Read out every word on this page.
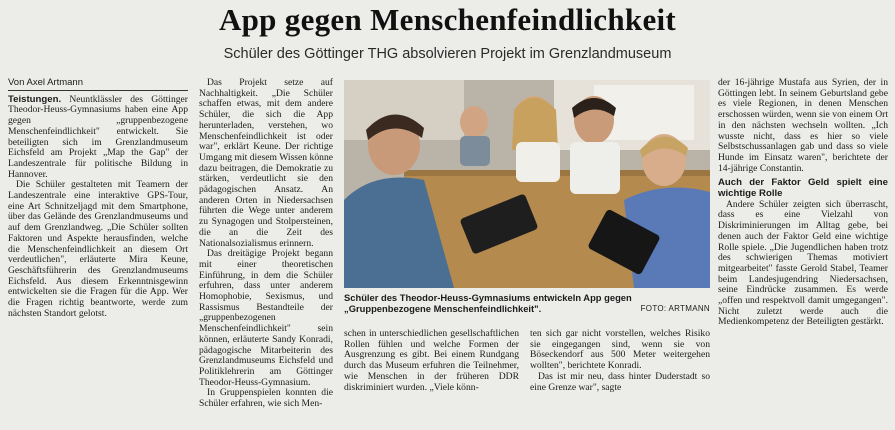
App gegen Menschenfeindlichkeit
Schüler des Göttinger THG absolvieren Projekt im Grenzlandmuseum
Von Axel Artmann

Teistungen. Neuntklässler des Göttinger Theodor-Heuss-Gymnasiums haben eine App gegen „gruppenbezogene Menschenfeindlichkeit" entwickelt. Sie beteiligten sich im Grenzlandmuseum Eichsfeld am Projekt „Map the Gap" der Landeszentrale für politische Bildung in Hannover.

Die Schüler gestalteten mit Teamern der Landeszentrale eine interaktive GPS-Tour, eine Art Schnitzeljagd mit dem Smartphone, über das Gelände des Grenzlandmuseums und auf dem Grenzlandweg. „Die Schüler sollten Faktoren und Aspekte herausfinden, welche die Menschenfeindlichkeit an diesem Ort verdeutlichen", erläuterte Mira Keune, Geschäftsführerin des Grenzlandmuseums Eichsfeld. Aus diesem Erkenntnisgewinn entwickelten sie die Fragen für die App. Wer die Fragen richtig beantworte, werde zum nächsten Standort gelotst.

Das Projekt setze auf Nachhaltigkeit. „Die Schüler schaffen etwas, mit dem andere Schüler, die sich die App herunterladen, verstehen, wo Menschenfeindlichkeit ist oder war", erklärt Keune. Der richtige Umgang mit diesem Wissen könne dazu beitragen, die Demokratie zu stärken, verdeutlicht sie den pädagogischen Ansatz. An anderen Orten in Niedersachsen führten die Wege unter anderem zu Synagogen und Stolpersteinen, die an die Zeit des Nationalsozialismus erinnern.

Das dreitägige Projekt begann mit einer theoretischen Einführung, in dem die Schüler erfuhren, dass unter anderem Homophobie, Sexismus, und Rassismus Bestandteile der „gruppenbezogenen Menschenfeindlichkeit" sein können, erläuterte Sandy Konradi, pädagogische Mitarbeiterin des Grenzlandmuseums Eichsfeld und Politiklehrerin am Göttinger Theodor-Heuss-Gymnasium.

In Gruppenspielen konnten die Schüler erfahren, wie sich Men-

Schüler des Theodor-Heuss-Gymnasiums entwickeln App gegen „Gruppenbezogene Menschenfeindlichkeit".	FOTO: ARTMANN

schen in unterschiedlichen gesellschaftlichen Rollen fühlen und welche Formen der Ausgrenzung es gibt. Bei einem Rundgang durch das Museum erfuhren die Teilnehmer, wie Menschen in der früheren DDR diskriminiert wurden. „Viele könn-

ten sich gar nicht vorstellen, welches Risiko sie eingegangen sind, wenn sie von Böseckendorf aus 500 Meter weitergehen wollten", berichtete Konradi.

Das ist mir neu, dass hinter Duderstadt so eine Grenze war", sagte

der 16-jährige Mustafa aus Syrien, der in Göttingen lebt. In seinem Geburtsland gebe es viele Regionen, in denen Menschen erschossen würden, wenn sie von einem Ort in den nächsten wechseln wollten. „Ich wusste nicht, dass es hier so viele Selbstschussanlagen gab und dass so viele Hunde im Einsatz waren", berichtete der 14-jährige Constantin.

Auch der Faktor Geld spielt eine wichtige Rolle

Andere Schüler zeigten sich überrascht, dass es eine Vielzahl von Diskriminierungen im Alltag gebe, bei denen auch der Faktor Geld eine wichtige Rolle spiele. „Die Jugendlichen haben trotz des schwierigen Themas motiviert mitgearbeitet" fasste Gerold Stabel, Teamer beim Landesjugendring Niedersachsen, seine Eindrücke zusammen. Es werde „offen und respektvoll damit umgegangen". Nicht zuletzt werde auch die Medienkompetenz der Beteiligten gestärkt.
